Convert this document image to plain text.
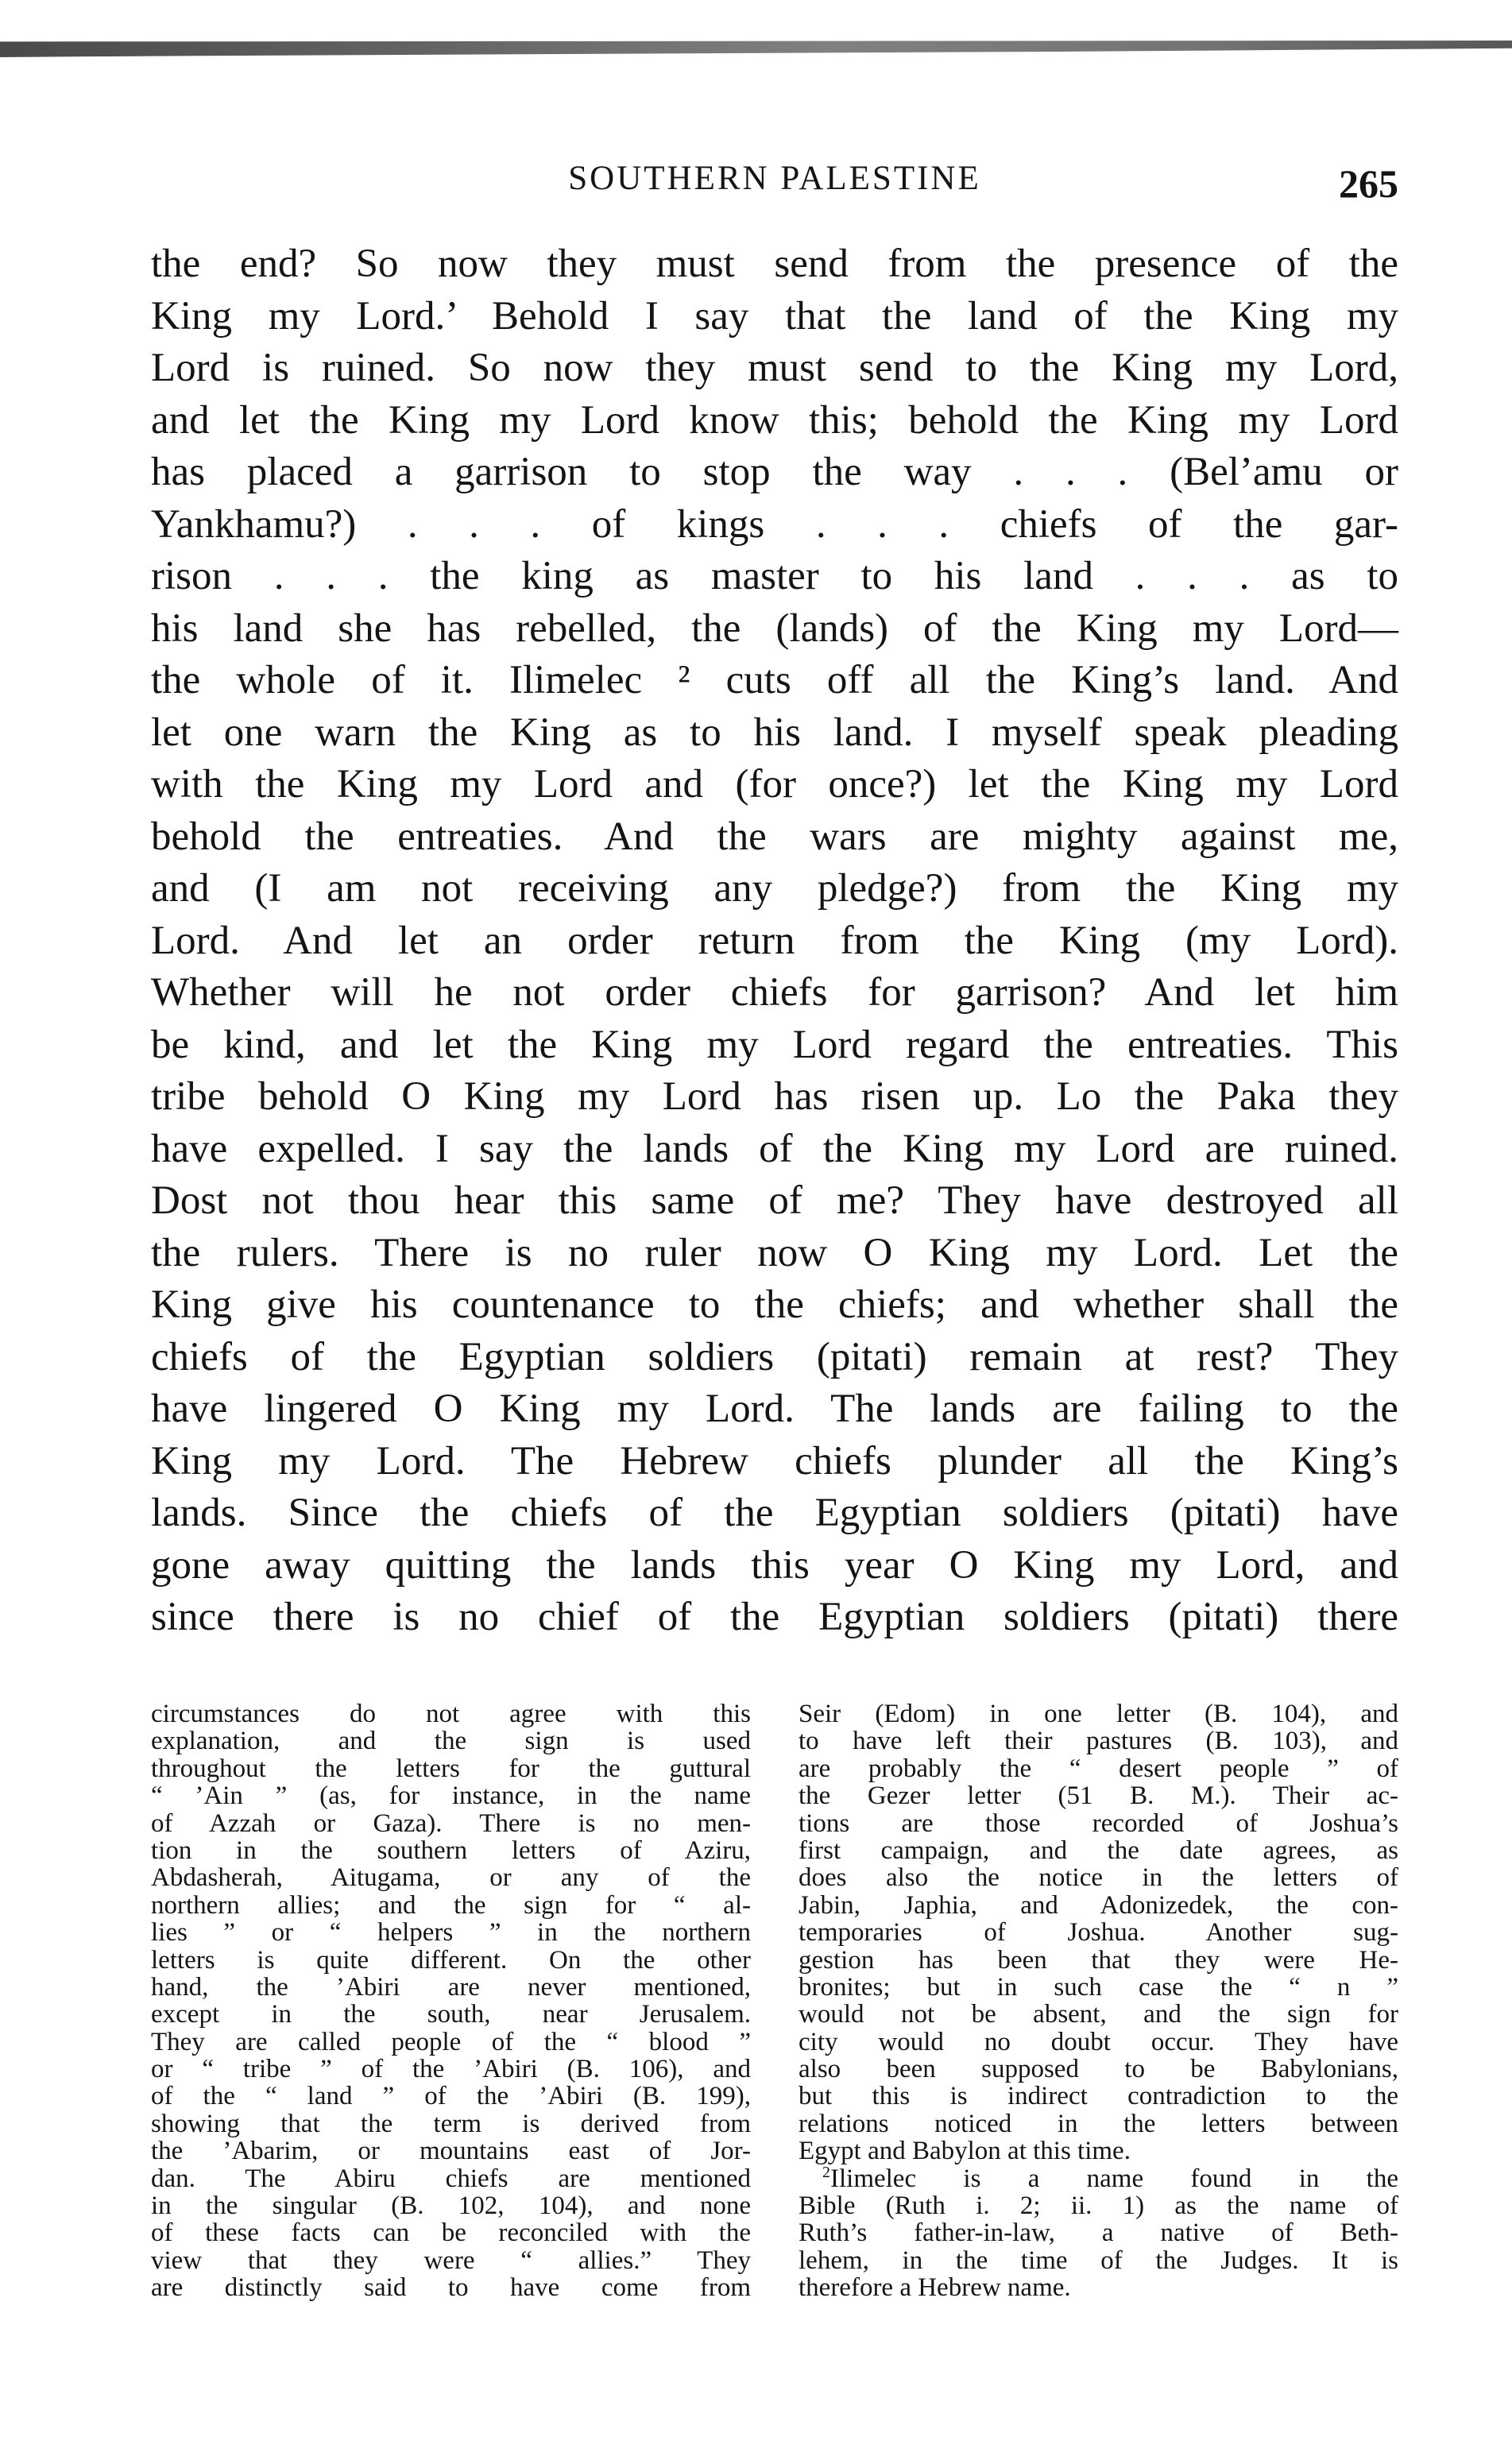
SOUTHERN PALESTINE	265
the end? So now they must send from the presence of the
King my Lord.’ Behold I say that the land of the King my
Lord is ruined. So now they must send to the King my Lord,
and let the King my Lord know this; behold the King my Lord
has placed a garrison to stop the way . . . (Bel’amu or
Yankhamu?) . . . of kings . . . chiefs of the gar-
rison . . . the king as master to his land . . . as to
his land she has rebelled, the (lands) of the King my Lord—
the whole of it. Ilimelec ² cuts off all the King’s land. And
let one warn the King as to his land. I myself speak pleading
with the King my Lord and (for once?) let the King my Lord
behold the entreaties. And the wars are mighty against me,
and (I am not receiving any pledge?) from the King my
Lord. And let an order return from the King (my Lord).
Whether will he not order chiefs for garrison? And let him
be kind, and let the King my Lord regard the entreaties. This
tribe behold O King my Lord has risen up. Lo the Paka they
have expelled. I say the lands of the King my Lord are ruined.
Dost not thou hear this same of me? They have destroyed all
the rulers. There is no ruler now O King my Lord. Let the
King give his countenance to the chiefs; and whether shall the
chiefs of the Egyptian soldiers (pitati) remain at rest? They
have lingered O King my Lord. The lands are failing to the
King my Lord. The Hebrew chiefs plunder all the King’s
lands. Since the chiefs of the Egyptian soldiers (pitati) have
gone away quitting the lands this year O King my Lord, and
since there is no chief of the Egyptian soldiers (pitati) there
circumstances do not agree with this
explanation, and the sign is used
throughout the letters for the guttural
“ ’Ain ” (as, for instance, in the name
of Azzah or Gaza). There is no men-
tion in the southern letters of Aziru,
Abdasherah, Aitugama, or any of the
northern allies; and the sign for “ al-
lies ” or “ helpers ” in the northern
letters is quite different. On the other
hand, the ’Abiri are never mentioned,
except in the south, near Jerusalem.
They are called people of the “ blood ”
or “ tribe ” of the ’Abiri (B. 106), and
of the “ land ” of the ’Abiri (B. 199),
showing that the term is derived from
the ’Abarim, or mountains east of Jor-
dan. The Abiru chiefs are mentioned
in the singular (B. 102, 104), and none
of these facts can be reconciled with the
view that they were “ allies.” They
are distinctly said to have come from
Seir (Edom) in one letter (B. 104), and
to have left their pastures (B. 103), and
are probably the “ desert people ” of
the Gezer letter (51 B. M.). Their ac-
tions are those recorded of Joshua’s
first campaign, and the date agrees, as
does also the notice in the letters of
Jabin, Japhia, and Adonizedek, the con-
temporaries of Joshua. Another sug-
gestion has been that they were He-
bronites; but in such case the “ n ”
would not be absent, and the sign for
city would no doubt occur. They have
also been supposed to be Babylonians,
but this is indirect contradiction to the
relations noticed in the letters between
Egypt and Babylon at this time.
$^2$Ilimelec is a name found in the
Bible (Ruth i. 2; ii. 1) as the name of
Ruth’s father-in-law, a native of Beth-
lehem, in the time of the Judges. It is
therefore a Hebrew name.
